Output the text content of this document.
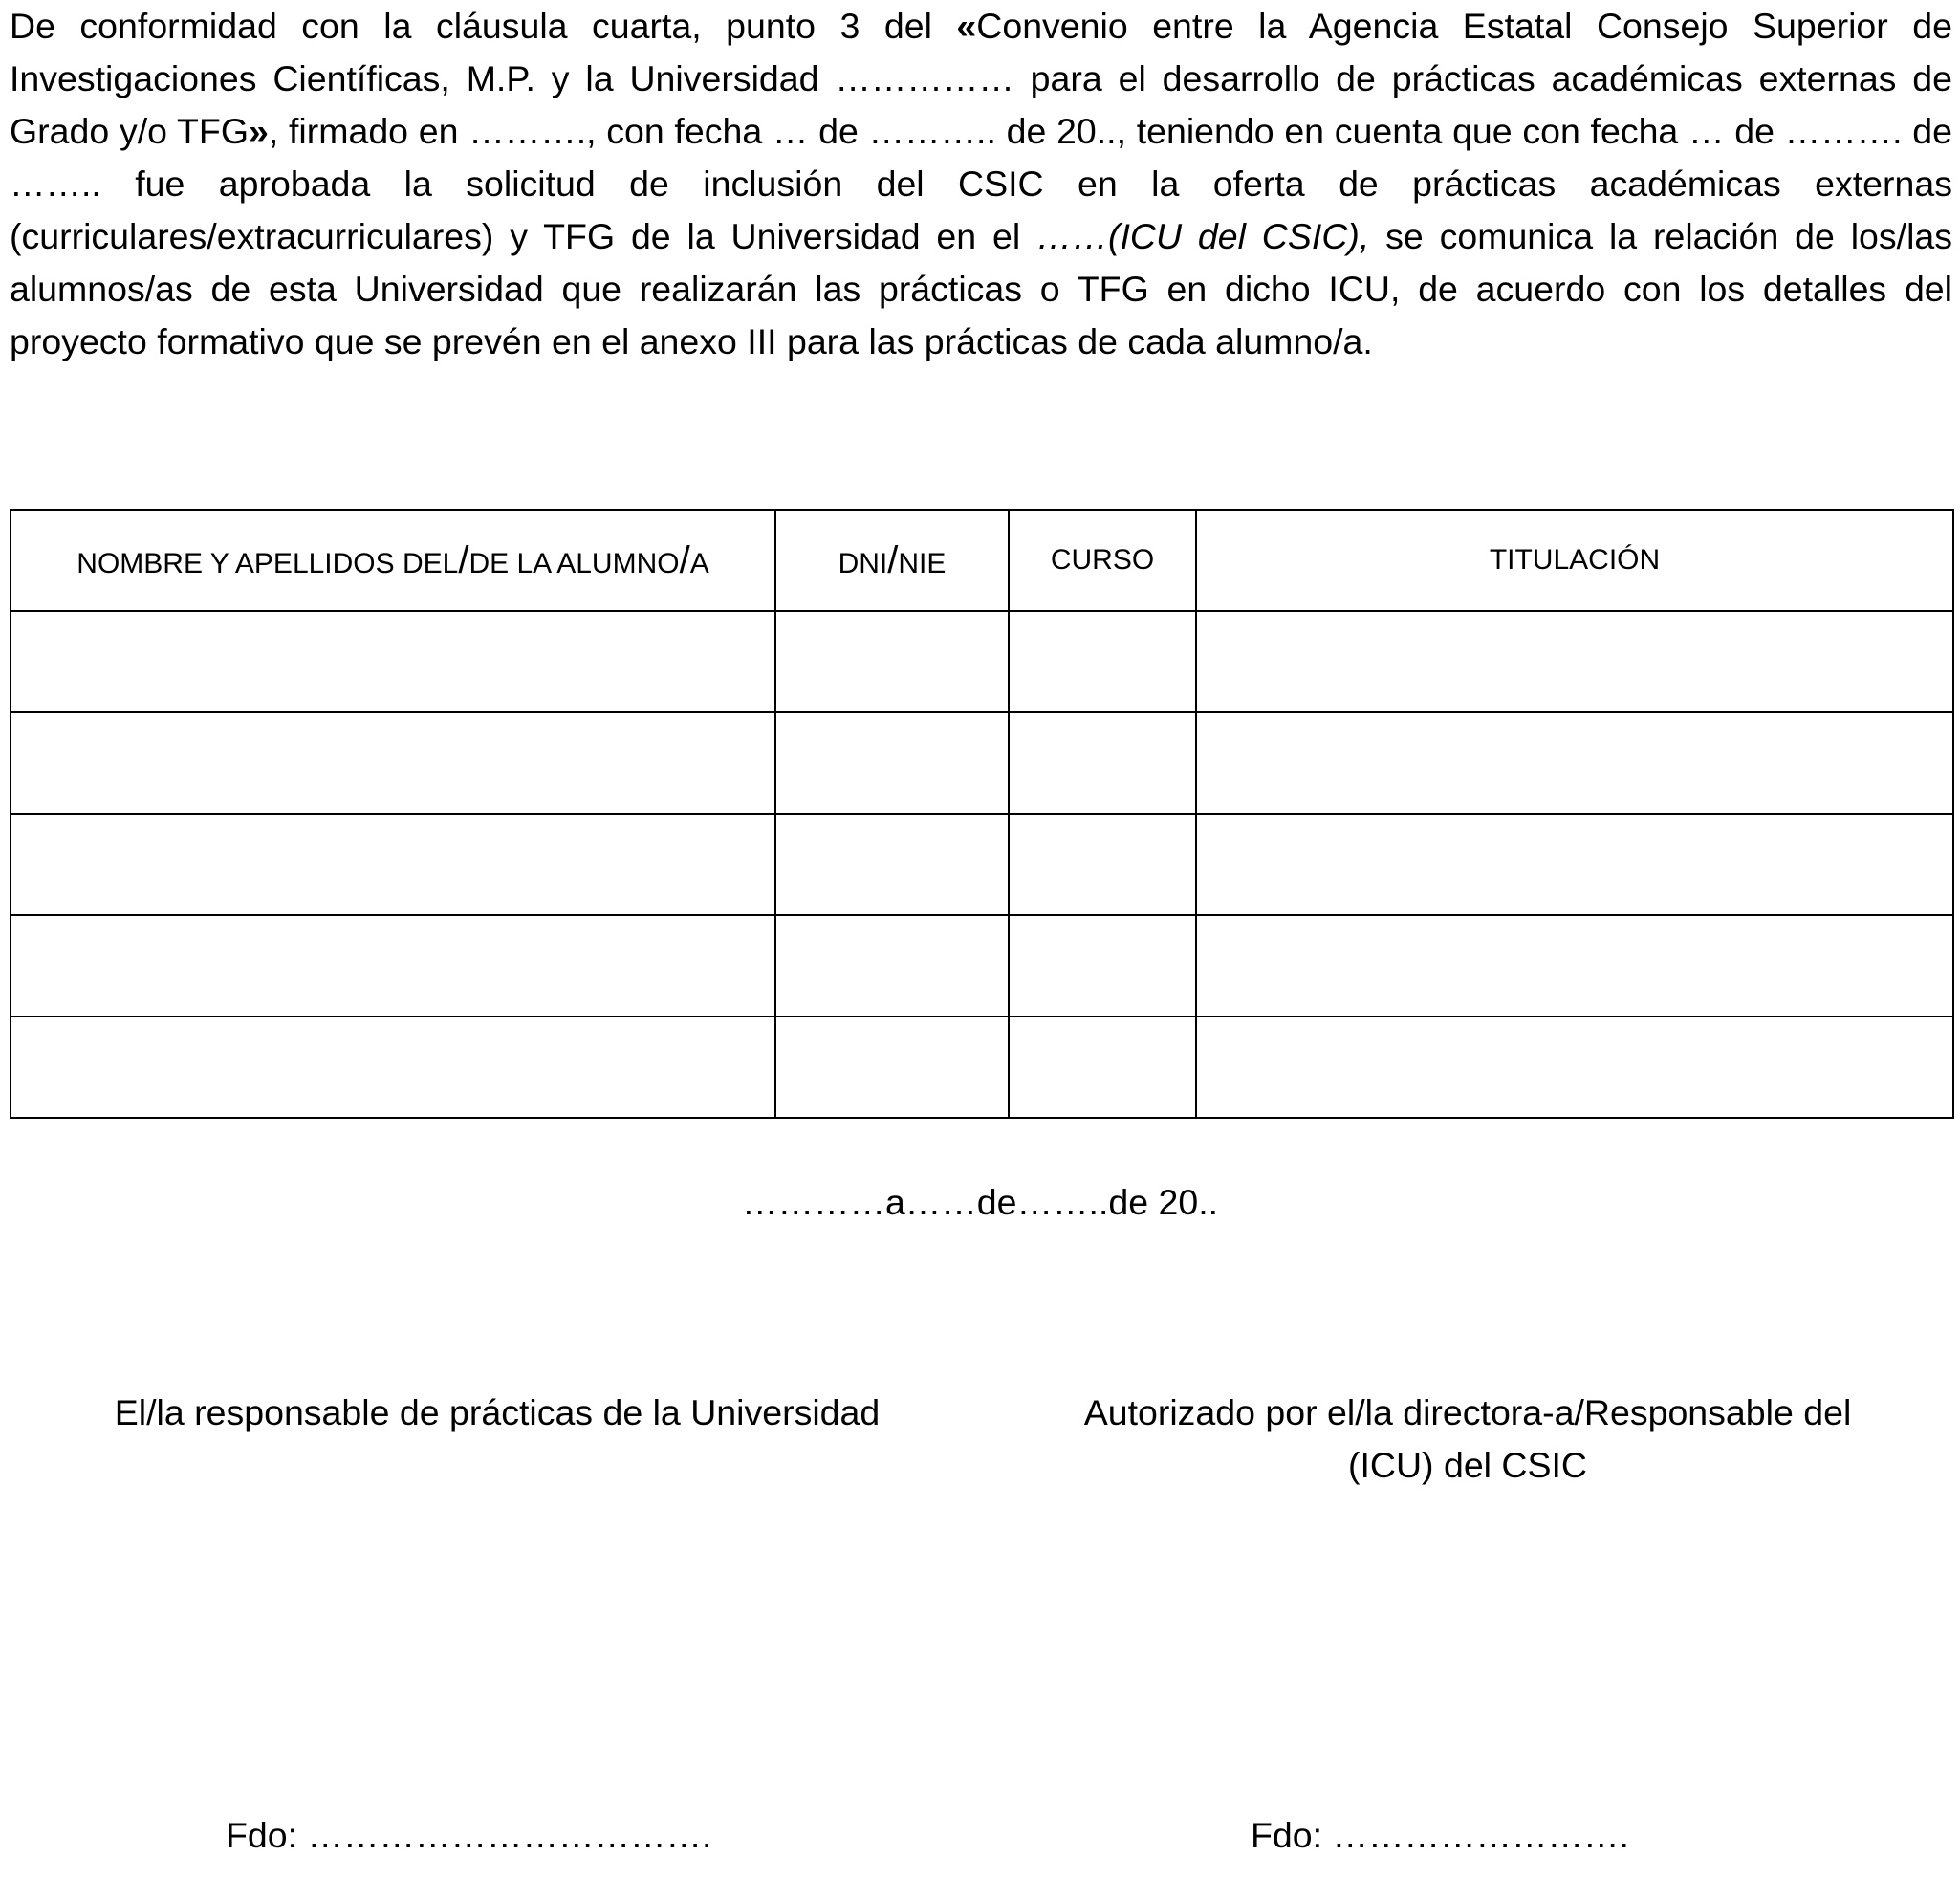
De conformidad con la cláusula cuarta, punto 3 del «Convenio entre la Agencia Estatal Consejo Superior de Investigaciones Científicas, M.P. y la Universidad …………… para el desarrollo de prácticas académicas externas de Grado y/o TFG», firmado en ………., con fecha … de ……….. de 20.., teniendo en cuenta que con fecha … de ………. de …….. fue aprobada la solicitud de inclusión del CSIC en la oferta de prácticas académicas externas (curriculares/extracurriculares) y TFG de la Universidad en el ……(ICU del CSIC), se comunica la relación de los/las alumnos/as de esta Universidad que realizarán las prácticas o TFG en dicho ICU, de acuerdo con los detalles del proyecto formativo que se prevén en el anexo III para las prácticas de cada alumno/a.

NOMBRE Y APELLIDOS DEL/DE LA ALUMNO/A	DNI/NIE	CURSO	TITULACIÓN

…………a……de……..de 20..
El/la responsable de prácticas de la Universidad	Autorizado por el/la directora-a/Responsable del
(ICU) del CSIC
Fdo: …………………………….	Fdo: …………………….
